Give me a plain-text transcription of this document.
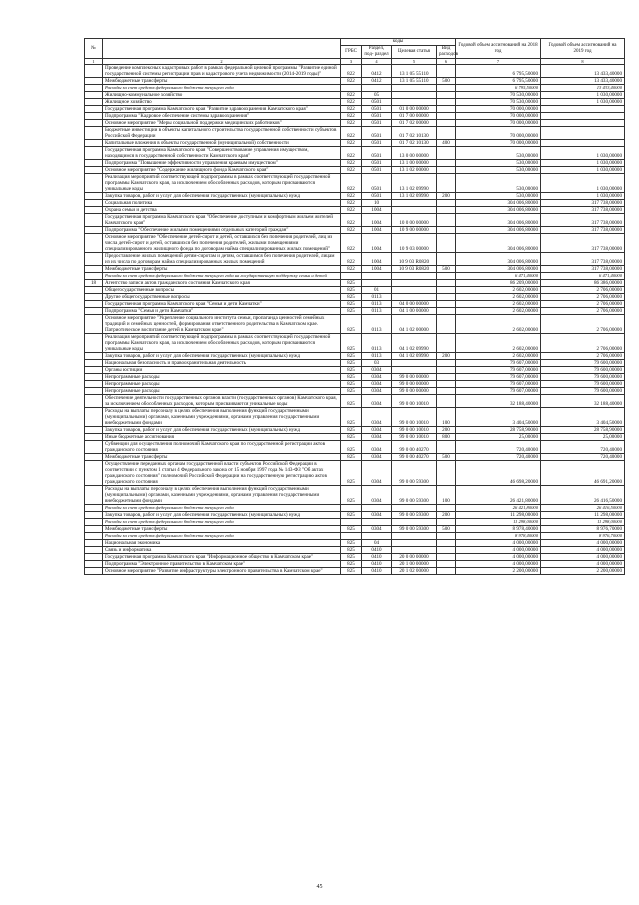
№		коды				Годовой объем ассигнований на 2018 год	Годовой объем ассигнований на 2019 год
		ГРБС	Раздел, под- раздел	Целевая статья	Вид расходов		
1	2	3	4	5	6	7	8
	Проведение комплексных кадастровых работ в рамках федеральной целевой программы "Развитие единой государственной системы регистрации прав и кадастрового учета недвижимости (2014-2019 годы)"	822	0412	13 1 05 55110		6 795,50000	13 433,40000
	Межбюджетные трансферты	822	0412	13 1 05 55110	500	6 795,50000	13 433,40000
	Расходы за счет средств федерального бюджета текущего года					6 795,50000	13 433,40000
	Жилищно-коммунальное хозяйство	822	05			70 530,00000	1 030,00000
	Жилищное хозяйство	822	0501			70 530,00000	1 030,00000
	Государственная программа Камчатского края "Развитие здравоохранения Камчатского края"	822	0501	01 0 00 00000		70 000,00000	
	Подпрограмма "Кадровое обеспечение системы здравоохранения"	822	0501	01 7 00 00000		70 000,00000	
	Основное мероприятие "Меры социальной поддержки медицинских работников"	822	0501	01 7 02 00000		70 000,00000	
	Бюджетные инвестиции в объекты капитального строительства государственной собственности субъектов Российской Федерации	822	0501	01 7 02 10130		70 000,00000	
	Капитальные вложения в объекты государственной (муниципальной) собственности	822	0501	01 7 02 10130	400	70 000,00000	
	Государственная программа Камчатского края "Совершенствование управления имуществом, находящимся в государственной собственности Камчатского края"	822	0501	13 0 00 00000		530,00000	1 030,00000
	Подпрограмма "Повышение эффективности управления краевым имуществом"	822	0501	13 1 00 00000		530,00000	1 030,00000
	Основное мероприятие "Содержание жилищного фонда Камчатского края"	822	0501	13 1 02 00000		530,00000	1 030,00000
	Реализация мероприятий соответствующей подпрограммы в рамках соответствующей государственной программы Камчатского края, за исключением обособленных расходов, которым присваиваются уникальные коды	822	0501	13 1 02 09990		530,00000	1 030,00000
	Закупка товаров, работ и услуг для обеспечения государственных (муниципальных) нужд	822	0501	13 1 02 09990	200	530,00000	1 030,00000
	Социальная политика	822	10			304 006,80000	317 738,00000
	Охрана семьи и детства	822	1004			304 006,80000	317 738,00000
	Государственная программа Камчатского края "Обеспечение доступным и комфортным жильем жителей Камчатского края"	822	1004	10 0 00 00000		304 006,80000	317 738,00000
	Подпрограмма "Обеспечение жилыми помещениями отдельных категорий граждан"	822	1004	10 9 00 00000		304 006,80000	317 738,00000
	Основное мероприятие "Обеспечение детей-сирот и детей, оставшихся без попечения родителей, лиц из числа детей-сирот и детей, оставшихся без попечения родителей, жилыми помещениями специализированного жилищного фонда по договорам найма специализированных жилых помещений"	822	1004	10 9 03 00000		304 006,80000	317 738,00000
	Предоставление жилых помещений детям-сиротам и детям, оставшимся без попечения родителей, лицам из их числа по договорам найма специализированных жилых помещений	822	1004	10 9 03 R0820		304 006,80000	317 738,00000
	Межбюджетные трансферты	822	1004	10 9 03 R0820	500	304 006,80000	317 738,00000
	Расходы за счет средств федерального бюджета текущего года на государственную поддержку семьи и детей					6 471,40000	6 471,40000
18	Агентство записи актов гражданского состояния Камчатского края	825				86 209,00000	86 386,00000
	Общегосударственные вопросы	825	01			2 602,00000	2 706,00000
	Другие общегосударственные вопросы	825	0113			2 602,00000	2 706,00000
	Государственная программа Камчатского края "Семья и дети Камчатки"	825	0113	04 0 00 00000		2 602,00000	2 706,00000
	Подпрограмма "Семья и дети Камчатки"	825	0113	04 1 00 00000		2 602,00000	2 706,00000
	Основное мероприятие "Укрепление социального института семьи, пропаганда ценностей семейных традиций и семейных ценностей, формирования ответственного родительства в Камчатском крае. Патриотическое воспитание детей в Камчатском крае"	825	0113	04 1 02 00000		2 602,00000	2 706,00000
	Реализация мероприятий соответствующей подпрограммы в рамках соответствующей государственной программы Камчатского края, за исключением обособленных расходов, которым присваиваются уникальные коды	825	0113	04 1 02 09990		2 602,00000	2 706,00000
	Закупка товаров, работ и услуг для обеспечения государственных (муниципальных) нужд	825	0113	04 1 02 09990	200	2 602,00000	2 706,00000
	Национальная безопасность и правоохранительная деятельность	825	03			79 607,00000	79 600,00000
	Органы юстиции	825	0304			79 607,00000	79 600,00000
	Непрограммные расходы	825	0304	99 0 00 00000		79 607,00000	79 600,00000
	Непрограммные расходы	825	0304	99 0 00 00000		79 607,00000	79 600,00000
	Непрограммные расходы	825	0304	99 0 00 00000		79 607,00000	79 600,00000
	Обеспечение деятельности государственных органов власти (государственных органов) Камчатского края, за исключением обособленных расходов, которым присваиваются уникальные коды	825	0304	99 0 00 10010		32 188,40000	32 188,40000
	Расходы на выплаты персоналу в целях обеспечения выполнения функций государственными (муниципальными) органами, казенными учреждениями, органами управления государственными внебюджетными фондами	825	0304	99 0 00 10010	100	3 404,50000	3 404,50000
	Закупка товаров, работ и услуг для обеспечения государственных (муниципальных) нужд	825	0304	99 0 00 10010	200	28 758,90000	28 758,90000
	Иные бюджетные ассигнования	825	0304	99 0 00 10010	800	25,00000	25,00000
	Субвенции для осуществления полномочий Камчатского края по государственной регистрации актов гражданского состояния	825	0304	99 0 00 40270		720,40000	720,40000
	Межбюджетные трансферты	825	0304	99 0 00 40270	500	720,40000	720,40000
	Осуществление переданных органам государственной власти субъектов Российской Федерации в соответствии с пунктом 1 статьи 4 Федерального закона от 15 ноября 1997 года № 143-ФЗ "Об актах гражданского состояния" полномочий Российской Федерации на государственную регистрацию актов гражданского состояния	825	0304	99 0 00 59300		46 698,20000	46 691,20000
	Расходы на выплаты персоналу в целях обеспечения выполнения функций государственными (муниципальными) органами, казенными учреждениями, органами управления государственными внебюджетными фондами	825	0304	99 0 00 59300	100	26 421,80000	26 416,50000
	Расходы за счет средств федерального бюджета текущего года					26 421,80000	26 416,50000
	Закупка товаров, работ и услуг для обеспечения государственных (муниципальных) нужд	825	0304	99 0 00 59300	200	11 298,00000	11 298,00000
	Расходы за счет средств федерального бюджета текущего года					11 298,00000	11 298,00000
	Межбюджетные трансферты	825	0304	99 0 00 59300	500	8 978,40000	8 976,70000
	Расходы за счет средств федерального бюджета текущего года					8 978,40000	8 976,70000
	Национальная экономика	825	04			4 000,00000	4 000,00000
	Связь и информатика	825	0410			4 000,00000	4 000,00000
	Государственная программа Камчатского края "Информационное общество в Камчатском крае"	825	0410	20 0 00 00000		4 000,00000	4 000,00000
	Подпрограмма "Электронное правительство в Камчатском крае"	825	0410	20 1 00 00000		4 000,00000	4 000,00000
	Основное мероприятие "Развитие инфраструктуры электронного правительства в Камчатском крае"	825	0410	20 1 02 00000		2 200,00000	2 200,00000
45
